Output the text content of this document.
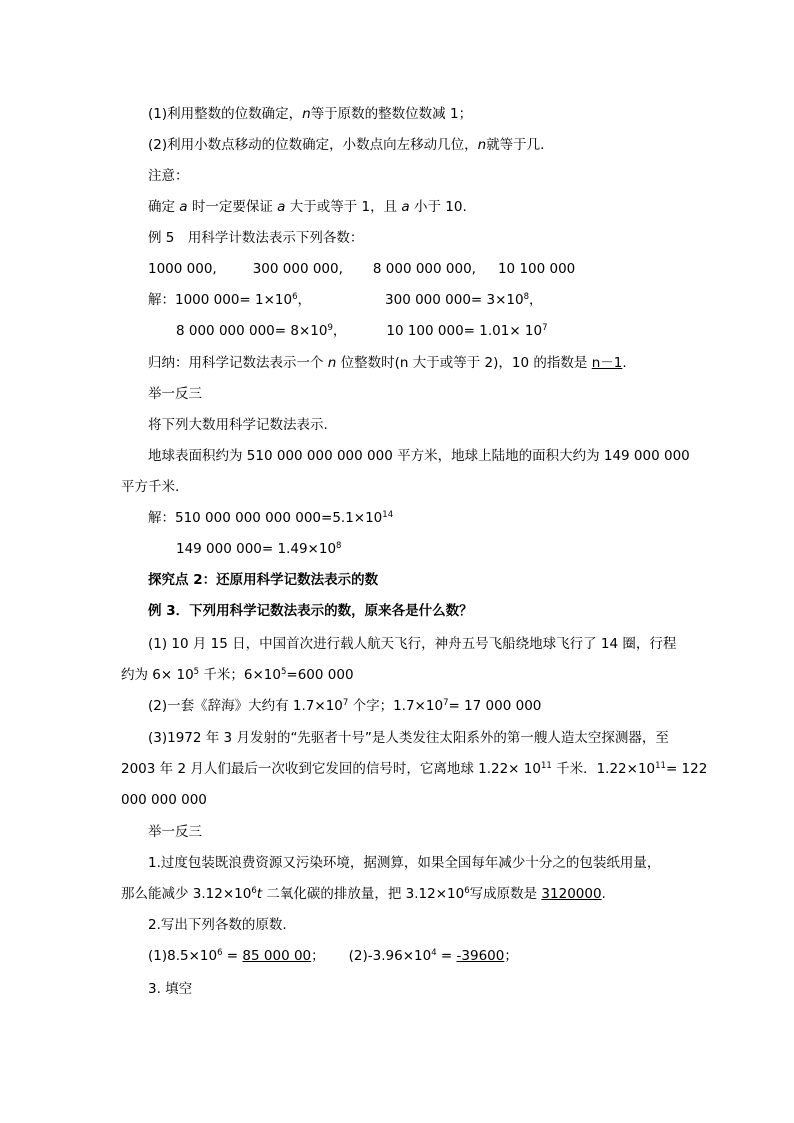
(1)利用整数的位数确定，n等于原数的整数位数减 1；
(2)利用小数点移动的位数确定，小数点向左移动几位，n就等于几.
注意：
确定 a 时一定要保证 a 大于或等于 1，且 a 小于 10.
例 5　用科学计数法表示下列各数：
1000 000,	300 000 000, 8 000 000 000, 10 100 000
解：1000 $000= 1\times 10^6$，	300 000 $000= 3\times 10^8$，
8 000 000 $000= 8\times 10^9$，	10 100 $000= 1.01\times 10^7$
归纳：用科学记数法表示一个 n 位整数时(n 大于或等于 2)，10 的指数是 n－1.
举一反三
将下列大数用科学记数法表示.
地球表面积约为 510 000 000 000 000 平方米，地球上陆地的面积大约为 149 000 000
平方千米.
解：510 000 000 000 $000=5.1\times 10^{14}$
149 000 $000= 1.49\times 10^8$
探究点 2：还原用科学记数法表示的数
例 3．下列用科学记数法表示的数，原来各是什么数？
(1) 10 月 15 日，中国首次进行载人航天飞行，神舟五号飞船绕地球飞行了 14 圈，行程
约为 $6\times 10^5$ 千米；$6\times 10^5=600$ 000
(2)一套《辞海》大约有 $1.7\times 10^7$ 个字；$1.7\times 10^7= 17$ 000 000
(3)1972 年 3 月发射的“先驱者十号”是人类发往太阳系外的第一艘人造太空探测器，至
2003 年 2 月人们最后一次收到它发回的信号时，它离地球 $1.22\times 10^{11}$ 千米．$1.22\times 10^{11}= 122$
000 000 000
举一反三
1.过度包装既浪费资源又污染环境，据测算，如果全国每年减少十分之的包装纸用量，
那么能减少 $3.12\times 10^6t$ 二氧化碳的排放量，把 $3.12\times 10^6$写成原数是 3120000.
2.写出下列各数的原数.
$(1)8.5\times 10^6 = 85$ 000 00； $(2)-3.96\times 10^4 = -39600$；
3. 填空
